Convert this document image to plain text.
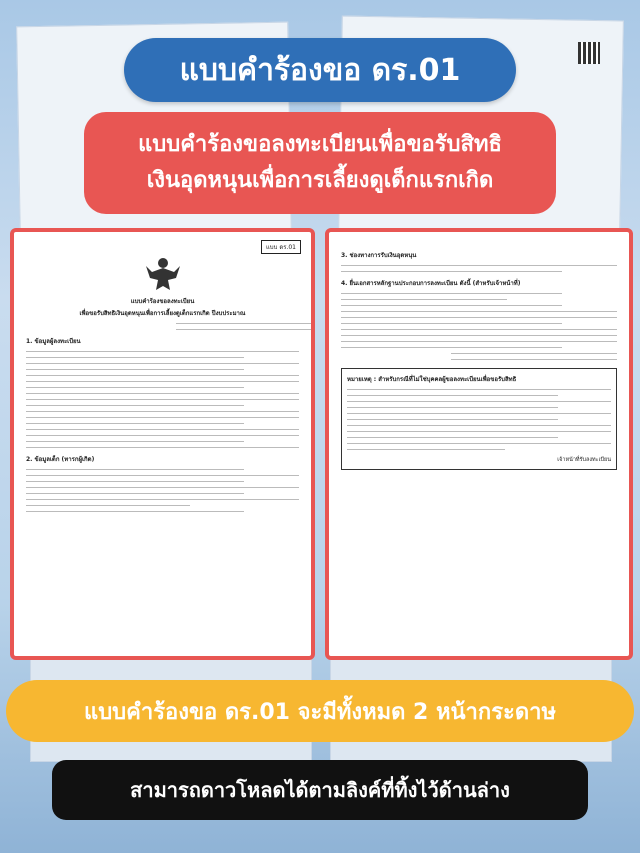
แบบคำร้องขอ ดร.01
แบบคำร้องขอลงทะเบียนเพื่อขอรับสิทธิ
เงินอุดหนุนเพื่อการเลี้ยงดูเด็กแรกเกิด
แบบ ดร.01
แบบคำร้องขอลงทะเบียน
เพื่อขอรับสิทธิเงินอุดหนุนเพื่อการเลี้ยงดูเด็กแรกเกิด ปีงบประมาณ
1. ข้อมูลผู้ลงทะเบียน
2. ข้อมูลเด็ก (ทารกผู้เกิด)
3. ช่องทางการรับเงินอุดหนุน
4. ยื่นเอกสารหลักฐานประกอบการลงทะเบียน ดังนี้ (สำหรับเจ้าหน้าที่)
หมายเหตุ : สำหรับกรณีที่ไม่ใช่บุคคลผู้ขอลงทะเบียนเพื่อขอรับสิทธิ
เจ้าหน้าที่รับลงทะเบียน
แบบคำร้องขอ ดร.01 จะมีทั้งหมด 2 หน้ากระดาษ
สามารถดาวโหลดได้ตามลิงค์ที่ทิ้งไว้ด้านล่าง
